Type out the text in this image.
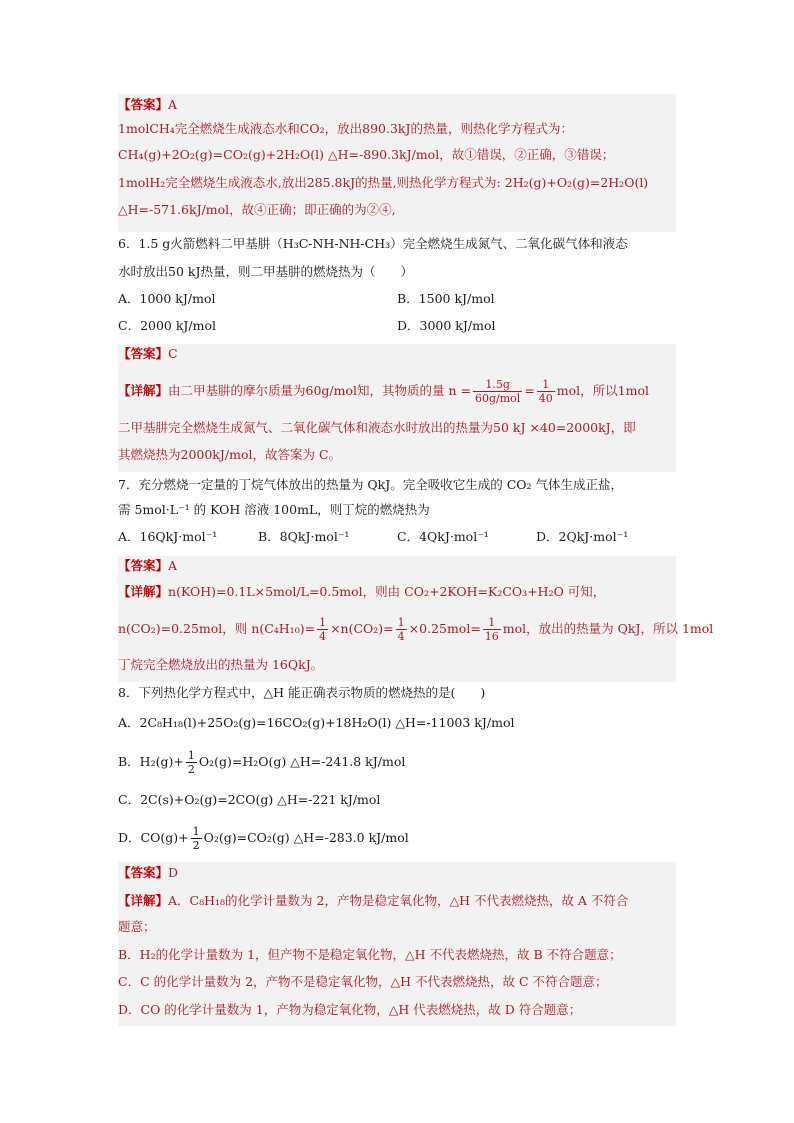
【答案】A
1molCH₄完全燃烧生成液态水和CO₂，放出890.3kJ的热量，则热化学方程式为：
CH₄(g)+2O₂(g)=CO₂(g)+2H₂O(l) △H=-890.3kJ/mol，故①错误，②正确，③错误；
1molH₂完全燃烧生成液态水,放出285.8kJ的热量,则热化学方程式为: 2H₂(g)+O₂(g)=2H₂O(l)
△H=-571.6kJ/mol，故④正确；即正确的为②④,
6．1.5 g火箭燃料二甲基肼（H₃C-NH-NH-CH₃）完全燃烧生成氮气、二氧化碳气体和液态
水时放出50 kJ热量，则二甲基肼的燃烧热为（　　）
A．1000 kJ/mol	B．1500 kJ/mol
C．2000 kJ/mol	D．3000 kJ/mol
【答案】C
【详解】由二甲基肼的摩尔质量为60g/mol知，其物质的量 $n = \frac{1.5g}{\text{60g/mol}} = \frac{1}{40}$ mol，所以1mol
二甲基肼完全燃烧生成氮气、二氧化碳气体和液态水时放出的热量为50 kJ ×40=2000kJ，即
其燃烧热为2000kJ/mol，故答案为 C。
7．充分燃烧一定量的丁烷气体放出的热量为 QkJ。完全吸收它生成的 CO₂ 气体生成正盐，
需 5mol·L⁻¹ 的 KOH 溶液 100mL，则丁烷的燃烧热为
A．16QkJ·mol⁻¹	B．8QkJ·mol⁻¹	C．4QkJ·mol⁻¹	D．2QkJ·mol⁻¹
【答案】A
【详解】n(KOH)=0.1L×5mol/L=0.5mol，则由 CO₂+2KOH=K₂CO₃+H₂O 可知，
n(CO₂)=0.25mol，则 $n(C_4H_{10})= \frac{1}{4} \times n(CO_2)= \frac{1}{4} \times 0.25mol= \frac{1}{16}$ mol，放出的热量为 QkJ，所以 1mol
丁烷完全燃烧放出的热量为 16QkJ。
8．下列热化学方程式中，△H 能正确表示物质的燃烧热的是(　　)
A．2C₈H₁₈(l)+25O₂(g)=16CO₂(g)+18H₂O(l) △H=-11003 kJ/mol
B．$H_2(g)+ \frac{1}{2} O_2(g)=H_2O(g)$ △H=-241.8 kJ/mol
C．2C(s)+O₂(g)=2CO(g) △H=-221 kJ/mol
D．$CO(g)+ \frac{1}{2} O_2(g)=CO_2(g)$ △H=-283.0 kJ/mol
【答案】D
【详解】A．C₈H₁₈的化学计量数为 2，产物是稳定氧化物，△H 不代表燃烧热，故 A 不符合
题意；
B．H₂的化学计量数为 1，但产物不是稳定氧化物，△H 不代表燃烧热，故 B 不符合题意；
C．C 的化学计量数为 2，产物不是稳定氧化物，△H 不代表燃烧热，故 C 不符合题意；
D．CO 的化学计量数为 1，产物为稳定氧化物，△H 代表燃烧热，故 D 符合题意；
